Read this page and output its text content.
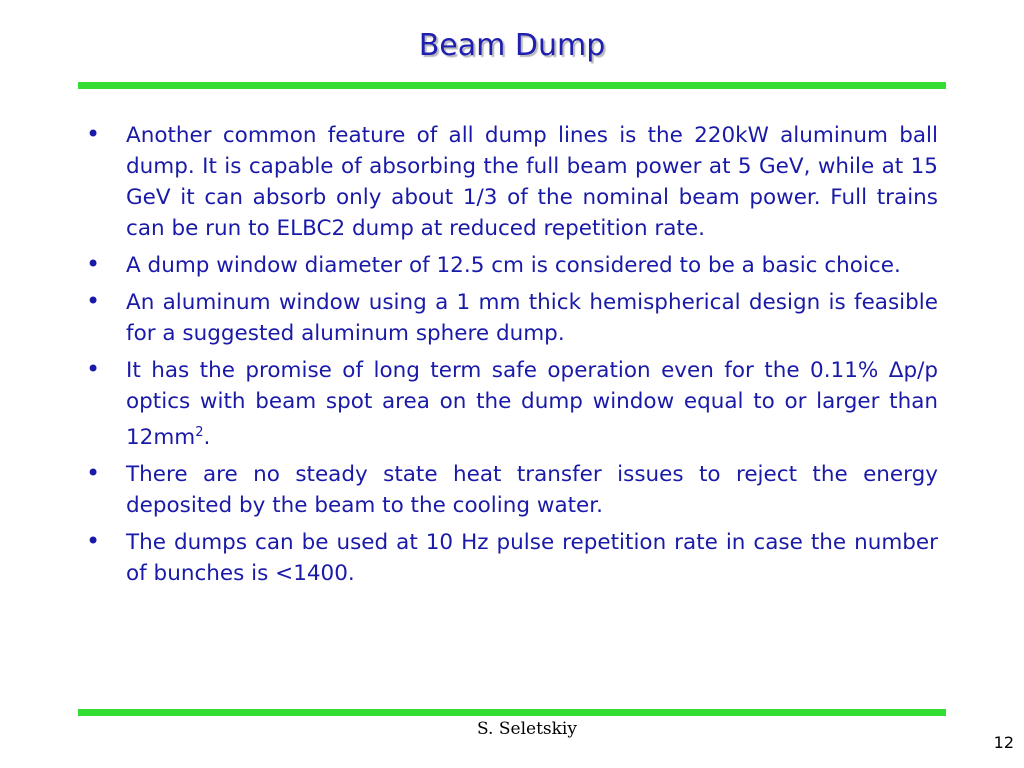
Beam Dump
• Another common feature of all dump lines is the 220kW aluminum ball dump. It is capable of absorbing the full beam power at 5 GeV, while at 15 GeV it can absorb only about 1/3 of the nominal beam power. Full trains can be run to ELBC2 dump at reduced repetition rate.
• A dump window diameter of 12.5 cm is considered to be a basic choice.
• An aluminum window using a 1 mm thick hemispherical design is feasible for a suggested aluminum sphere dump.
• It has the promise of long term safe operation even for the 0.11% Δp/p optics with beam spot area on the dump window equal to or larger than $12mm^2$.
• There are no steady state heat transfer issues to reject the energy deposited by the beam to the cooling water.
• The dumps can be used at 10 Hz pulse repetition rate in case the number of bunches is <1400.
S. Seletskiy
12
